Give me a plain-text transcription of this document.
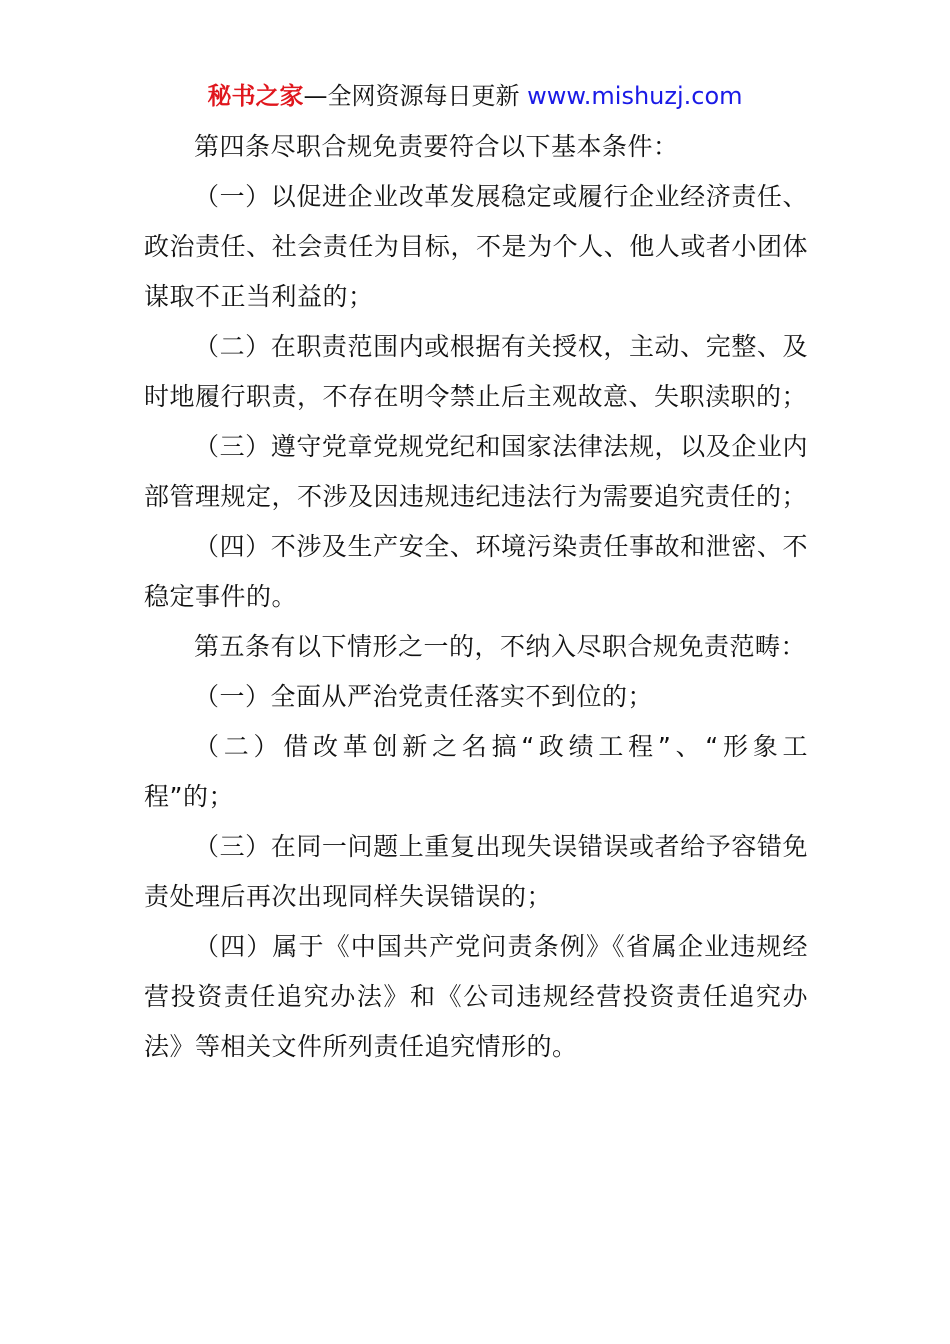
秘书之家—全网资源每日更新 www.mishuzj.com

第四条尽职合规免责要符合以下基本条件：

（一）以促进企业改革发展稳定或履行企业经济责任、政治责任、社会责任为目标，不是为个人、他人或者小团体谋取不正当利益的；

（二）在职责范围内或根据有关授权，主动、完整、及时地履行职责，不存在明令禁止后主观故意、失职渎职的；

（三）遵守党章党规党纪和国家法律法规，以及企业内部管理规定，不涉及因违规违纪违法行为需要追究责任的；

（四）不涉及生产安全、环境污染责任事故和泄密、不稳定事件的。

第五条有以下情形之一的，不纳入尽职合规免责范畴：

（一）全面从严治党责任落实不到位的；

（二）借改革创新之名搞“政绩工程”、“形象工程”的；

（三）在同一问题上重复出现失误错误或者给予容错免责处理后再次出现同样失误错误的；

（四）属于《中国共产党问责条例》《省属企业违规经营投资责任追究办法》和《公司违规经营投资责任追究办法》等相关文件所列责任追究情形的。
